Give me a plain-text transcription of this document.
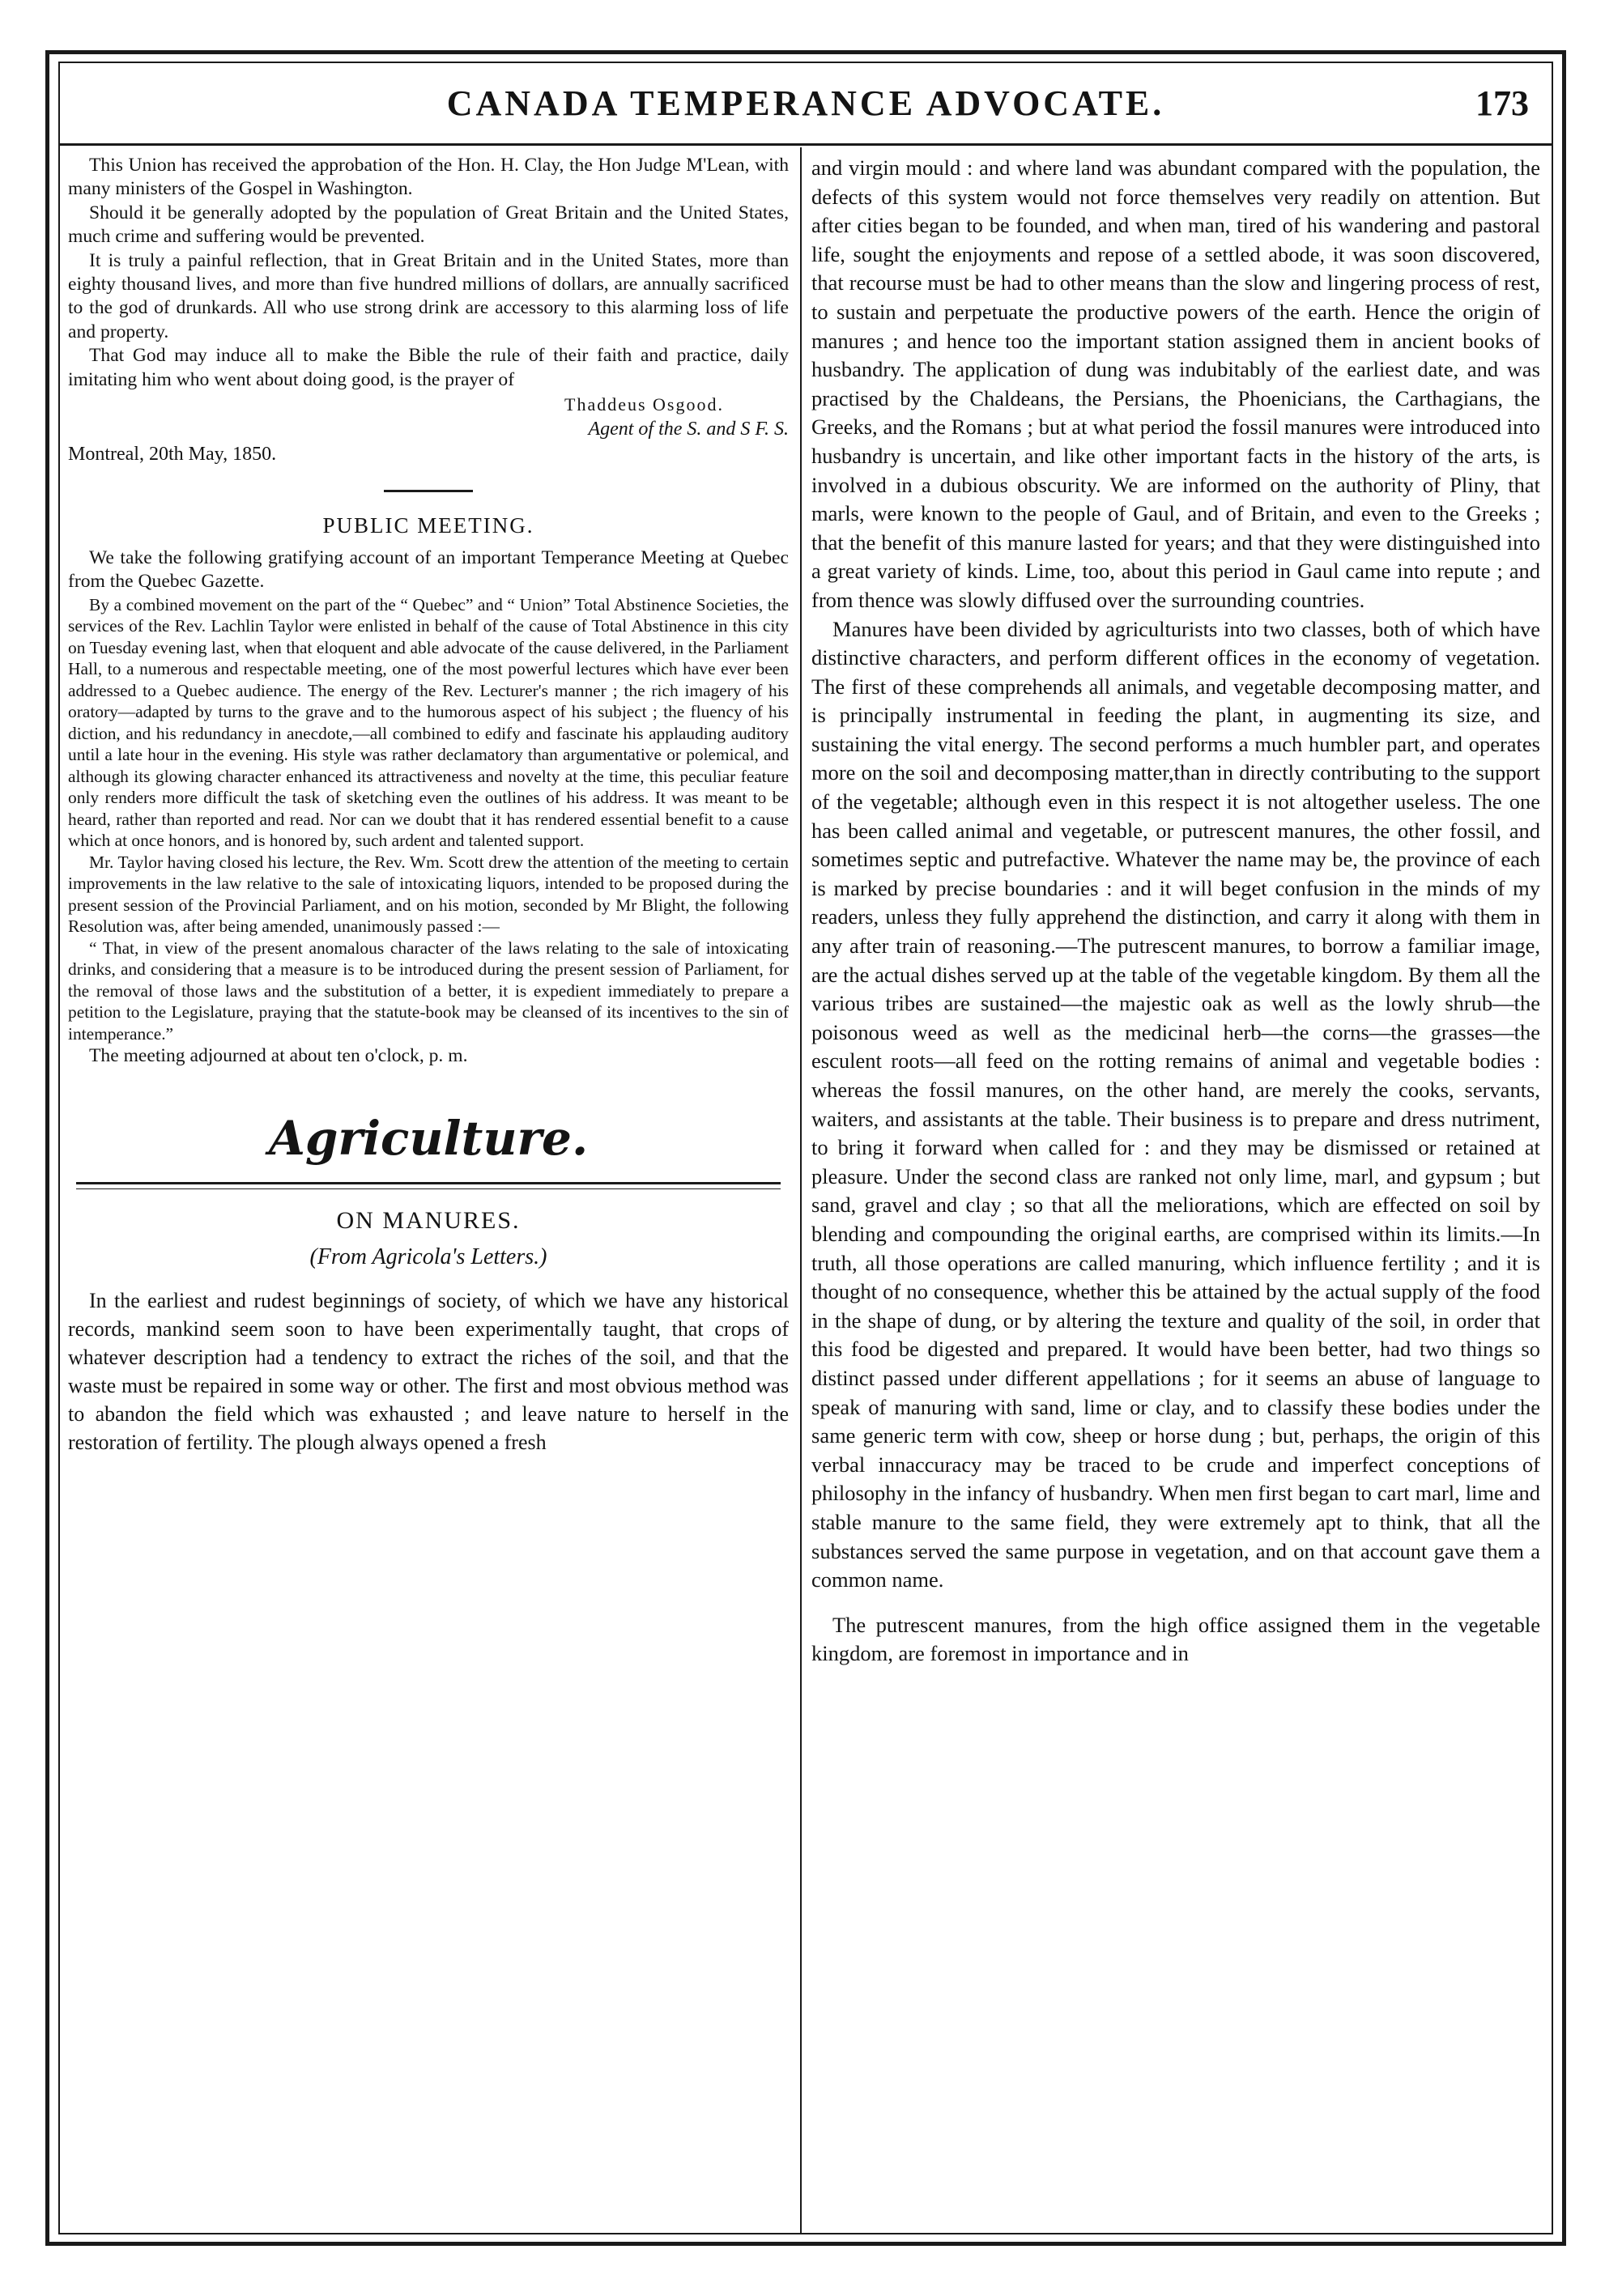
CANADA TEMPERANCE ADVOCATE.	173

This Union has received the approbation of the Hon. H. Clay, the Hon Judge M'Lean, with many ministers of the Gospel in Washington.

Should it be generally adopted by the population of Great Britain and the United States, much crime and suffering would be prevented.

It is truly a painful reflection, that in Great Britain and in the United States, more than eighty thousand lives, and more than five hundred millions of dollars, are annually sacrificed to the god of drunkards. All who use strong drink are accessory to this alarming loss of life and property.

That God may induce all to make the Bible the rule of their faith and practice, daily imitating him who went about doing good, is the prayer of

Thaddeus Osgood.
Agent of the S. and S F. S.
Montreal, 20th May, 1850.
PUBLIC MEETING.

We take the following gratifying account of an important Temperance Meeting at Quebec from the Quebec Gazette.

By a combined movement on the part of the “ Quebec” and “ Union” Total Abstinence Societies, the services of the Rev. Lachlin Taylor were enlisted in behalf of the cause of Total Abstinence in this city on Tuesday evening last, when that eloquent and able advocate of the cause delivered, in the Parliament Hall, to a numerous and respectable meeting, one of the most powerful lectures which have ever been addressed to a Quebec audience. The energy of the Rev. Lecturer's manner ; the rich imagery of his oratory—adapted by turns to the grave and to the humorous aspect of his subject ; the fluency of his diction, and his redundancy in anecdote,—all combined to edify and fascinate his applauding auditory until a late hour in the evening. His style was rather declamatory than argumentative or polemical, and although its glowing character enhanced its attractiveness and novelty at the time, this peculiar feature only renders more difficult the task of sketching even the outlines of his address. It was meant to be heard, rather than reported and read. Nor can we doubt that it has rendered essential benefit to a cause which at once honors, and is honored by, such ardent and talented support.

Mr. Taylor having closed his lecture, the Rev. Wm. Scott drew the attention of the meeting to certain improvements in the law relative to the sale of intoxicating liquors, intended to be proposed during the present session of the Provincial Parliament, and on his motion, seconded by Mr Blight, the following Resolution was, after being amended, unanimously passed :—

“ That, in view of the present anomalous character of the laws relating to the sale of intoxicating drinks, and considering that a measure is to be introduced during the present session of Parliament, for the removal of those laws and the substitution of a better, it is expedient immediately to prepare a petition to the Legislature, praying that the statute-book may be cleansed of its incentives to the sin of intemperance.”

The meeting adjourned at about ten o'clock, p. m.

Agriculture.
ON MANURES.
(From Agricola's Letters.)

In the earliest and rudest beginnings of society, of which we have any historical records, mankind seem soon to have been experimentally taught, that crops of whatever description had a tendency to extract the riches of the soil, and that the waste must be repaired in some way or other. The first and most obvious method was to abandon the field which was exhausted ; and leave nature to herself in the restoration of fertility. The plough always opened a fresh

and virgin mould : and where land was abundant compared with the population, the defects of this system would not force themselves very readily on attention. But after cities began to be founded, and when man, tired of his wandering and pastoral life, sought the enjoyments and repose of a settled abode, it was soon discovered, that recourse must be had to other means than the slow and lingering process of rest, to sustain and perpetuate the productive powers of the earth. Hence the origin of manures ; and hence too the important station assigned them in ancient books of husbandry. The application of dung was indubitably of the earliest date, and was practised by the Chaldeans, the Persians, the Phoenicians, the Carthagians, the Greeks, and the Romans ; but at what period the fossil manures were introduced into husbandry is uncertain, and like other important facts in the history of the arts, is involved in a dubious obscurity. We are informed on the authority of Pliny, that marls, were known to the people of Gaul, and of Britain, and even to the Greeks ; that the benefit of this manure lasted for years; and that they were distinguished into a great variety of kinds. Lime, too, about this period in Gaul came into repute ; and from thence was slowly diffused over the surrounding countries.

Manures have been divided by agriculturists into two classes, both of which have distinctive characters, and perform different offices in the economy of vegetation. The first of these comprehends all animals, and vegetable decomposing matter, and is principally instrumental in feeding the plant, in augmenting its size, and sustaining the vital energy. The second performs a much humbler part, and operates more on the soil and decomposing matter,than in directly contributing to the support of the vegetable; although even in this respect it is not altogether useless. The one has been called animal and vegetable, or putrescent manures, the other fossil, and sometimes septic and putrefactive. Whatever the name may be, the province of each is marked by precise boundaries : and it will beget confusion in the minds of my readers, unless they fully apprehend the distinction, and carry it along with them in any after train of reasoning.—The putrescent manures, to borrow a familiar image, are the actual dishes served up at the table of the vegetable kingdom. By them all the various tribes are sustained—the majestic oak as well as the lowly shrub—the poisonous weed as well as the medicinal herb—the corns—the grasses—the esculent roots—all feed on the rotting remains of animal and vegetable bodies : whereas the fossil manures, on the other hand, are merely the cooks, servants, waiters, and assistants at the table. Their business is to prepare and dress nutriment, to bring it forward when called for : and they may be dismissed or retained at pleasure. Under the second class are ranked not only lime, marl, and gypsum ; but sand, gravel and clay ; so that all the meliorations, which are effected on soil by blending and compounding the original earths, are comprised within its limits.—In truth, all those operations are called manuring, which influence fertility ; and it is thought of no consequence, whether this be attained by the actual supply of the food in the shape of dung, or by altering the texture and quality of the soil, in order that this food be digested and prepared. It would have been better, had two things so distinct passed under different appellations ; for it seems an abuse of language to speak of manuring with sand, lime or clay, and to classify these bodies under the same generic term with cow, sheep or horse dung ; but, perhaps, the origin of this verbal innaccuracy may be traced to be crude and imperfect conceptions of philosophy in the infancy of husbandry. When men first began to cart marl, lime and stable manure to the same field, they were extremely apt to think, that all the substances served the same purpose in vegetation, and on that account gave them a common name.

The putrescent manures, from the high office assigned them in the vegetable kingdom, are foremost in importance and in
